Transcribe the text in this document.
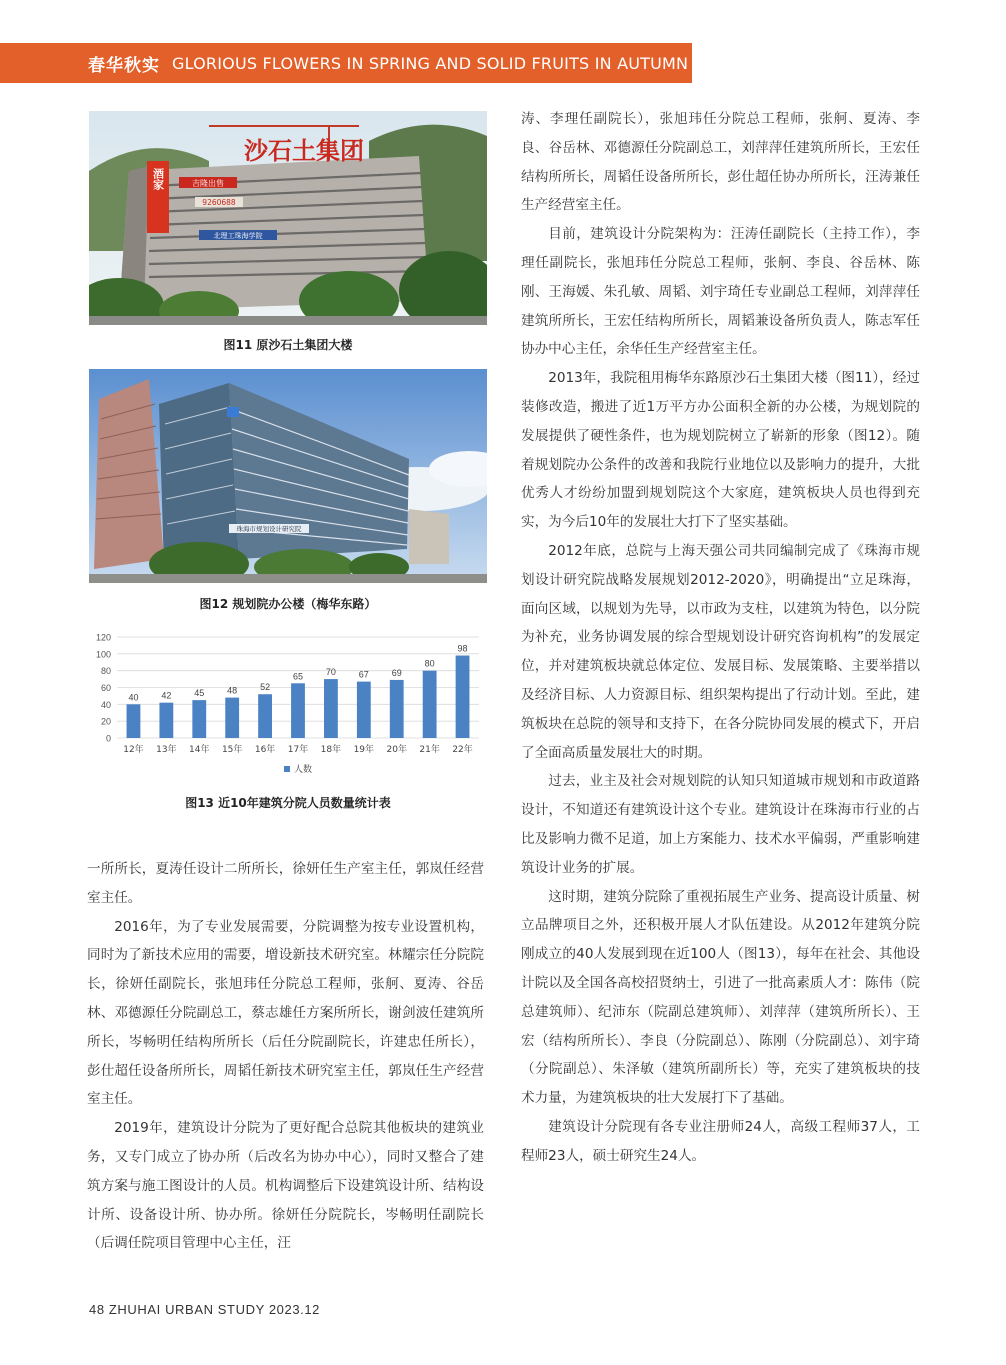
春华秋实 GLORIOUS FLOWERS IN SPRING AND SOLID FRUITS IN AUTUMN
酒家
沙石土集团
吉隆出售
9260688
北理工珠海学院
图11 原沙石土集团大楼
珠海市规划设计研究院
图12 规划院办公楼（梅华东路）
0
20
40
60
80
100
120
40
12年
42
13年
45
14年
48
15年
52
16年
65
17年
70
18年
67
19年
69
20年
80
21年
98
22年
人数
图13 近10年建筑分院人员数量统计表

一所所长，夏涛任设计二所所长，徐妍任生产室主任，郭岚任经营室主任。

2016年，为了专业发展需要，分院调整为按专业设置机构，同时为了新技术应用的需要，增设新技术研究室。林耀宗任分院院长，徐妍任副院长，张旭玮任分院总工程师，张舸、夏涛、谷岳林、邓德源任分院副总工，蔡志雄任方案所所长，谢剑波任建筑所所长，岑畅明任结构所所长（后任分院副院长，许建忠任所长），彭仕超任设备所所长，周韬任新技术研究室主任，郭岚任生产经营室主任。

2019年，建筑设计分院为了更好配合总院其他板块的建筑业务，又专门成立了协办所（后改名为协办中心），同时又整合了建筑方案与施工图设计的人员。机构调整后下设建筑设计所、结构设计所、设备设计所、协办所。徐妍任分院院长，岑畅明任副院长（后调任院项目管理中心主任，汪

涛、李理任副院长），张旭玮任分院总工程师，张舸、夏涛、李良、谷岳林、邓德源任分院副总工，刘萍萍任建筑所所长，王宏任结构所所长，周韬任设备所所长，彭仕超任协办所所长，汪涛兼任生产经营室主任。

目前，建筑设计分院架构为：汪涛任副院长（主持工作），李理任副院长，张旭玮任分院总工程师，张舸、李良、谷岳林、陈刚、王海媛、朱孔敏、周韬、刘宇琦任专业副总工程师，刘萍萍任建筑所所长，王宏任结构所所长，周韬兼设备所负责人，陈志军任协办中心主任，余华任生产经营室主任。

2013年，我院租用梅华东路原沙石土集团大楼（图11），经过装修改造，搬进了近1万平方办公面积全新的办公楼，为规划院的发展提供了硬性条件，也为规划院树立了崭新的形象（图12）。随着规划院办公条件的改善和我院行业地位以及影响力的提升，大批优秀人才纷纷加盟到规划院这个大家庭，建筑板块人员也得到充实，为今后10年的发展壮大打下了坚实基础。

2012年底，总院与上海天强公司共同编制完成了《珠海市规划设计研究院战略发展规划2012-2020》，明确提出“立足珠海，面向区域，以规划为先导，以市政为支柱，以建筑为特色，以分院为补充，业务协调发展的综合型规划设计研究咨询机构”的发展定位，并对建筑板块就总体定位、发展目标、发展策略、主要举措以及经济目标、人力资源目标、组织架构提出了行动计划。至此，建筑板块在总院的领导和支持下，在各分院协同发展的模式下，开启了全面高质量发展壮大的时期。

过去，业主及社会对规划院的认知只知道城市规划和市政道路设计，不知道还有建筑设计这个专业。建筑设计在珠海市行业的占比及影响力微不足道，加上方案能力、技术水平偏弱，严重影响建筑设计业务的扩展。

这时期，建筑分院除了重视拓展生产业务、提高设计质量、树立品牌项目之外，还积极开展人才队伍建设。从2012年建筑分院刚成立的40人发展到现在近100人（图13），每年在社会、其他设计院以及全国各高校招贤纳士，引进了一批高素质人才：陈伟（院总建筑师）、纪沛东（院副总建筑师）、刘萍萍（建筑所所长）、王宏（结构所所长）、李良（分院副总）、陈刚（分院副总）、刘宇琦（分院副总）、朱泽敏（建筑所副所长）等，充实了建筑板块的技术力量，为建筑板块的壮大发展打下了基础。

建筑设计分院现有各专业注册师24人，高级工程师37人，工程师23人，硕士研究生24人。

48 ZHUHAI URBAN STUDY 2023.12
